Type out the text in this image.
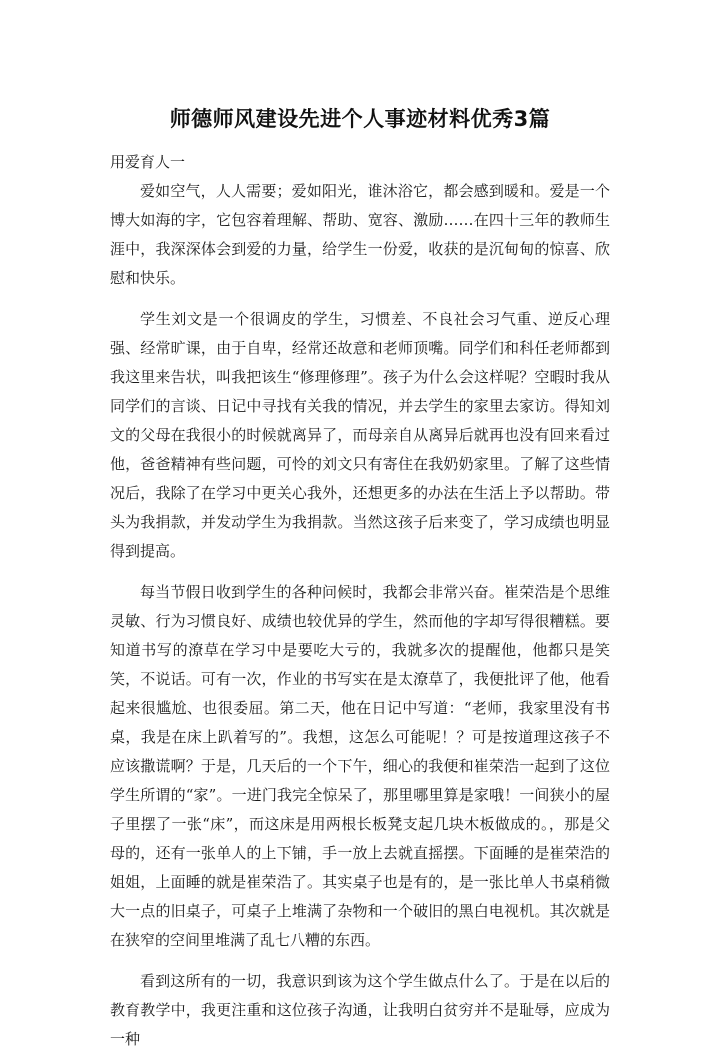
师德师风建设先进个人事迹材料优秀3篇

用爱育人一

爱如空气，人人需要；爱如阳光，谁沐浴它，都会感到暖和。爱是一个博大如海的字，它包容着理解、帮助、宽容、激励……在四十三年的教师生涯中，我深深体会到爱的力量，给学生一份爱，收获的是沉甸甸的惊喜、欣慰和快乐。

学生刘文是一个很调皮的学生，习惯差、不良社会习气重、逆反心理强、经常旷课，由于自卑，经常还故意和老师顶嘴。同学们和科任老师都到我这里来告状，叫我把该生“修理修理”。孩子为什么会这样呢？空暇时我从同学们的言谈、日记中寻找有关我的情况，并去学生的家里去家访。得知刘文的父母在我很小的时候就离异了，而母亲自从离异后就再也没有回来看过他，爸爸精神有些问题，可怜的刘文只有寄住在我奶奶家里。了解了这些情况后，我除了在学习中更关心我外，还想更多的办法在生活上予以帮助。带头为我捐款，并发动学生为我捐款。当然这孩子后来变了，学习成绩也明显得到提高。

每当节假日收到学生的各种问候时，我都会非常兴奋。崔荣浩是个思维灵敏、行为习惯良好、成绩也较优异的学生，然而他的字却写得很糟糕。要知道书写的潦草在学习中是要吃大亏的，我就多次的提醒他，他都只是笑笑，不说话。可有一次，作业的书写实在是太潦草了，我便批评了他，他看起来很尴尬、也很委屈。第二天，他在日记中写道：“老师，我家里没有书桌，我是在床上趴着写的”。我想，这怎么可能呢！？可是按道理这孩子不应该撒谎啊？于是，几天后的一个下午，细心的我便和崔荣浩一起到了这位学生所谓的“家”。一进门我完全惊呆了，那里哪里算是家哦！一间狭小的屋子里摆了一张“床”，而这床是用两根长板凳支起几块木板做成的。，那是父母的，还有一张单人的上下铺，手一放上去就直摇摆。下面睡的是崔荣浩的姐姐，上面睡的就是崔荣浩了。其实桌子也是有的，是一张比单人书桌稍微大一点的旧桌子，可桌子上堆满了杂物和一个破旧的黑白电视机。其次就是在狭窄的空间里堆满了乱七八糟的东西。

看到这所有的一切，我意识到该为这个学生做点什么了。于是在以后的教育教学中，我更注重和这位孩子沟通，让我明白贫穷并不是耻辱，应成为一种
